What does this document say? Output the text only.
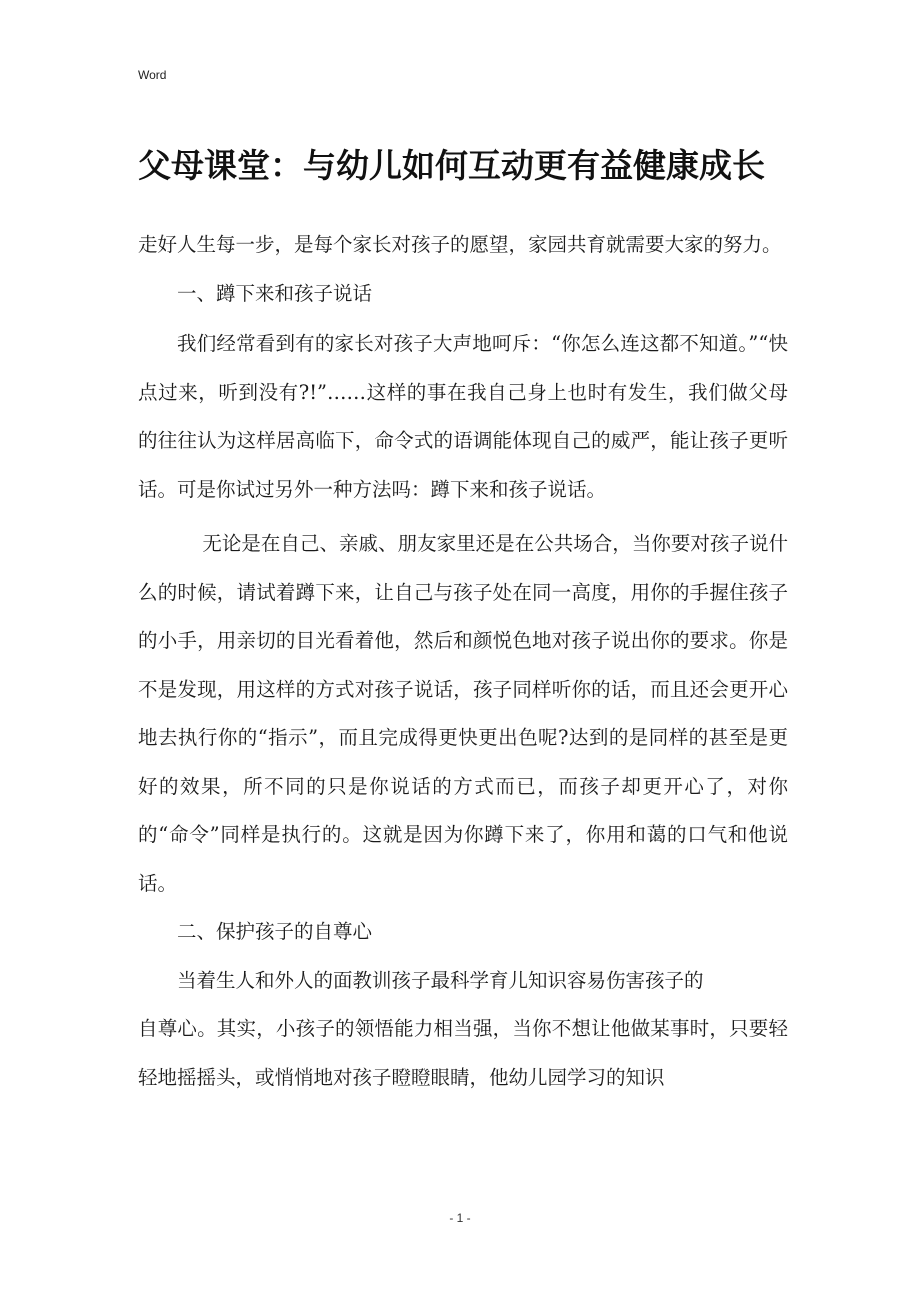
Word
父母课堂：与幼儿如何互动更有益健康成长

走好人生每一步，是每个家长对孩子的愿望，家园共育就需要大家的努力。

一、蹲下来和孩子说话

我们经常看到有的家长对孩子大声地呵斥：“你怎么连这都不知道。”“快点过来，听到没有?!”……这样的事在我自己身上也时有发生，我们做父母的往往认为这样居高临下，命令式的语调能体现自己的威严，能让孩子更听话。可是你试过另外一种方法吗：蹲下来和孩子说话。

无论是在自己、亲戚、朋友家里还是在公共场合，当你要对孩子说什么的时候，请试着蹲下来，让自己与孩子处在同一高度，用你的手握住孩子的小手，用亲切的目光看着他，然后和颜悦色地对孩子说出你的要求。你是不是发现，用这样的方式对孩子说话，孩子同样听你的话，而且还会更开心地去执行你的“指示”，而且完成得更快更出色呢?达到的是同样的甚至是更好的效果，所不同的只是你说话的方式而已，而孩子却更开心了，对你的“命令”同样是执行的。这就是因为你蹲下来了，你用和蔼的口气和他说话。

二、保护孩子的自尊心

当着生人和外人的面教训孩子最科学育儿知识容易伤害孩子的

自尊心。其实，小孩子的领悟能力相当强，当你不想让他做某事时，只要轻轻地摇摇头，或悄悄地对孩子瞪瞪眼睛，他幼儿园学习的知识

- 1 -
